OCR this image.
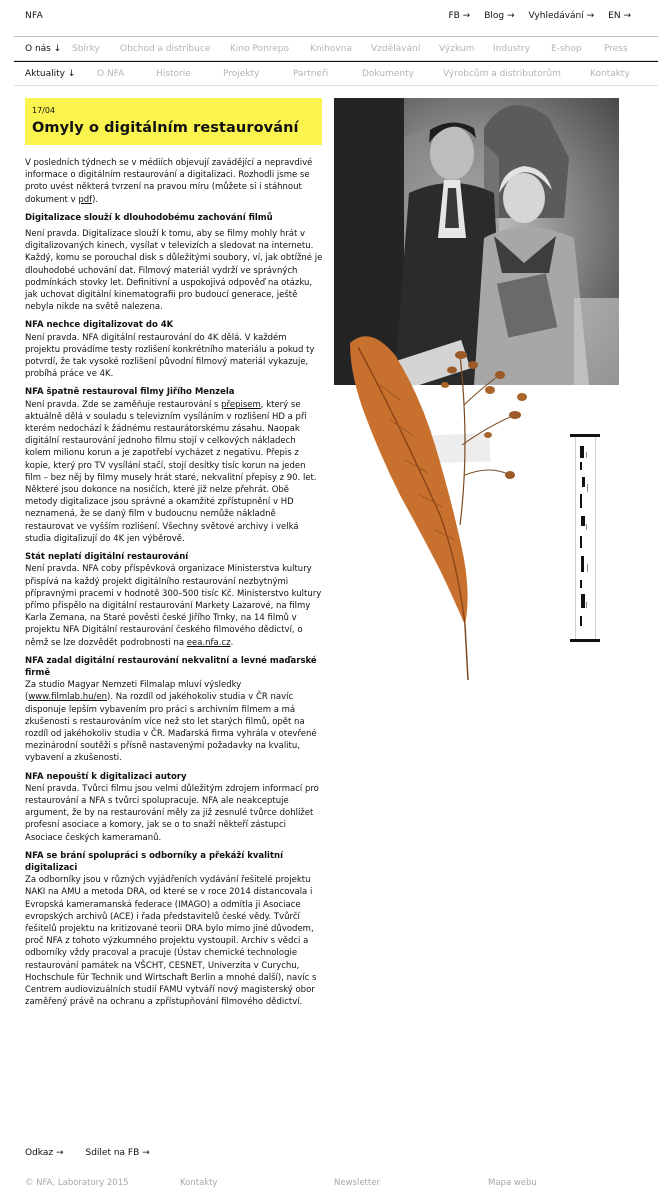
NFA	FB → Blog → Vyhledávání → EN →
O nás ↓ Sbírky Obchod a distribuce Kino Ponrepo Knihovna Vzdělávání Výzkum Industry E-shop Press
Aktuality ↓ O NFA	Historie	Projekty	Partneři	Dokumenty	Výrobcům a distributorům	Kontakty
17/04
Omyly o digitálním restaurování

V posledních týdnech se v médiích objevují zavádějící a nepravdivé informace o digitálním restaurování a digitalizaci. Rozhodli jsme se proto uvést některá tvrzení na pravou míru (můžete si i stáhnout dokument v pdf).

Digitalizace slouží k dlouhodobému zachování filmů

Není pravda. Digitalizace slouží k tomu, aby se filmy mohly hrát v digitalizovaných kinech, vysílat v televizích a sledovat na internetu. Každý, komu se porouchal disk s důležitými soubory, ví, jak obtížné je dlouhodobé uchování dat. Filmový materiál vydrží ve správných podmínkách stovky let. Definitivní a uspokojivá odpověď na otázku, jak uchovat digitální kinematografii pro budoucí generace, ještě nebyla nikde na světě nalezena.

NFA nechce digitalizovat do 4K

Není pravda. NFA digitální restaurování do 4K dělá. V každém projektu provádíme testy rozlišení konkrétního materiálu a pokud ty potvrdí, že tak vysoké rozlišení původní filmový materiál vykazuje, probíhá práce ve 4K.

NFA špatně restauroval filmy Jiřího Menzela

Není pravda. Zde se zaměňuje restaurování s přepisem, který se aktuálně dělá v souladu s televizním vysíláním v rozlišení HD a při kterém nedochází k žádnému restaurátorskému zásahu. Naopak digitální restaurování jednoho filmu stojí v celkových nákladech kolem milionu korun a je zapotřebí vycházet z negativu. Přepis z kopie, který pro TV vysílání stačí, stojí desítky tisíc korun na jeden film – bez něj by filmy musely hrát staré, nekvalitní přepisy z 90. let. Některé jsou dokonce na nosičích, které již nelze přehrát. Obě metody digitalizace jsou správné a okamžité zpřístupnění v HD neznamená, že se daný film v budoucnu nemůže nákladně restaurovat ve vyšším rozlišení. Všechny světové archivy i velká studia digitalizují do 4K jen výběrově.

Stát neplatí digitální restaurování

Není pravda. NFA coby příspěvková organizace Ministerstva kultury přispívá na každý projekt digitálního restaurování nezbytnými přípravnými pracemi v hodnotě 300–500 tisíc Kč. Ministerstvo kultury přímo přispělo na digitální restaurování Markety Lazarové, na filmy Karla Zemana, na Staré pověsti české Jiřího Trnky, na 14 filmů v projektu NFA Digitální restaurování českého filmového dědictví, o němž se lze dozvědět podrobnosti na eea.nfa.cz.

NFA zadal digitální restaurování nekvalitní a levné maďarské firmě

Za studio Magyar Nemzeti Filmalap mluví výsledky (www.filmlab.hu/en). Na rozdíl od jakéhokoliv studia v ČR navíc disponuje lepším vybavením pro práci s archivním filmem a má zkušenosti s restaurováním více než sto let starých filmů, opět na rozdíl od jakéhokoliv studia v ČR. Maďarská firma vyhrála v otevřené mezinárodní soutěži s přísně nastavenými požadavky na kvalitu, vybavení a zkušenosti.

NFA nepouští k digitalizaci autory

Není pravda. Tvůrci filmu jsou velmi důležitým zdrojem informací pro restaurování a NFA s tvůrci spolupracuje. NFA ale neakceptuje argument, že by na restaurování měly za již zesnulé tvůrce dohlížet profesní asociace a komory, jak se o to snaží někteří zástupci Asociace českých kameramanů.

NFA se brání spolupráci s odborníky a překáží kvalitní digitalizaci

Za odborníky jsou v různých vyjádřeních vydávání řešitelé projektu NAKI na AMU a metoda DRA, od které se v roce 2014 distancovala i Evropská kameramanská federace (IMAGO) a odmítla ji Asociace evropských archivů (ACE) i řada představitelů české vědy. Tvůrčí řešitelů projektu na kritizované teorii DRA bylo mimo jiné důvodem, proč NFA z tohoto výzkumného projektu vystoupil. Archiv s vědci a odborníky vždy pracoval a pracuje (Ústav chemické technologie restaurování památek na VŠCHT, CESNET, Univerzita v Curychu, Hochschule für Technik und Wirtschaft Berlin a mnohé další), navíc s Centrem audiovizuálních studií FAMU vytváří nový magisterský obor zaměřený právě na ochranu a zpřístupňování filmového dědictví.

Odkaz → Sdílet na FB →
© NFA, Laboratory 2015	Kontakty	Newsletter	Mapa webu
